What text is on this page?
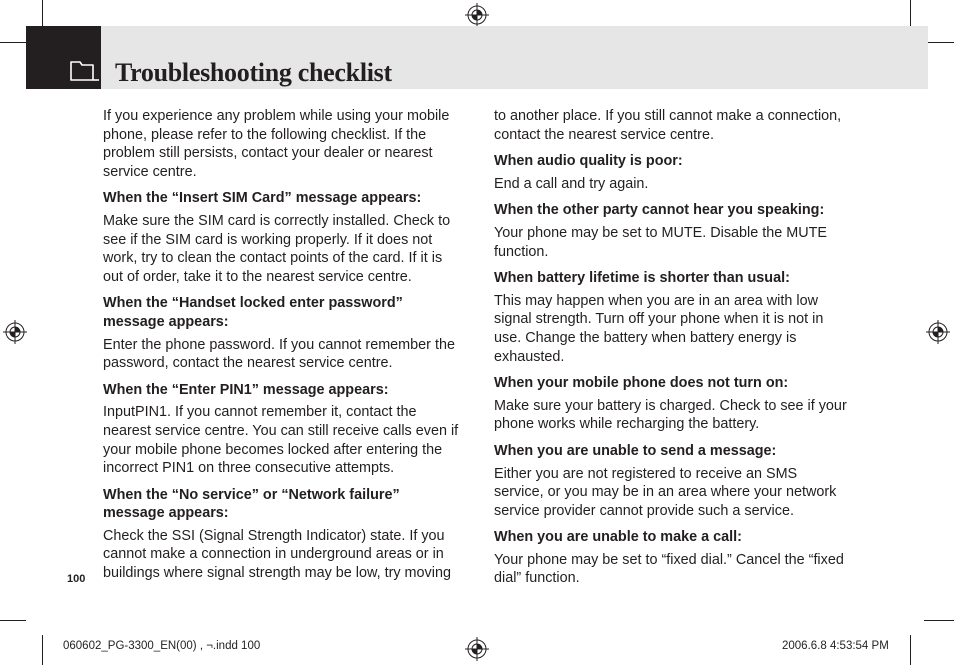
Troubleshooting checklist

If you experience any problem while using your mobile phone, please refer to the following checklist. If the problem still persists, contact your dealer or nearest service centre.

When the “Insert SIM Card” message appears:

Make sure the SIM card is correctly installed. Check to see if the SIM card is working properly. If it does not work, try to clean the contact points of the card. If it is out of order, take it to the nearest service centre.

When the “Handset locked enter password” message appears:

Enter the phone password. If you cannot remember the password, contact the nearest service centre.

When the “Enter PIN1” message appears:

InputPIN1. If you cannot remember it, contact the nearest service centre. You can still receive calls even if your mobile phone becomes locked after entering the incorrect PIN1 on three consecutive attempts.

When the “No service” or “Network failure” message appears:

Check the SSI (Signal Strength Indicator) state. If you cannot make a connection in underground areas or in buildings where signal strength may be low, try moving

to another place. If you still cannot make a connection, contact the nearest service centre.

When audio quality is poor:

End a call and try again.

When the other party cannot hear you speaking:

Your phone may be set to MUTE. Disable the MUTE function.

When battery lifetime is shorter than usual:

This may happen when you are in an area with low signal strength. Turn off your phone when it is not in use. Change the battery when battery energy is exhausted.

When your mobile phone does not turn on:

Make sure your battery is charged. Check to see if your phone works while recharging the battery.

When you are unable to send a message:

Either you are not registered to receive an SMS service, or you may be in an area where your network service provider cannot provide such a service.

When you are unable to make a call:

Your phone may be set to “fixed dial.” Cancel the “fixed dial” function.

100
060602_PG-3300_EN(00) , ¬.indd 100	2006.6.8 4:53:54 PM
